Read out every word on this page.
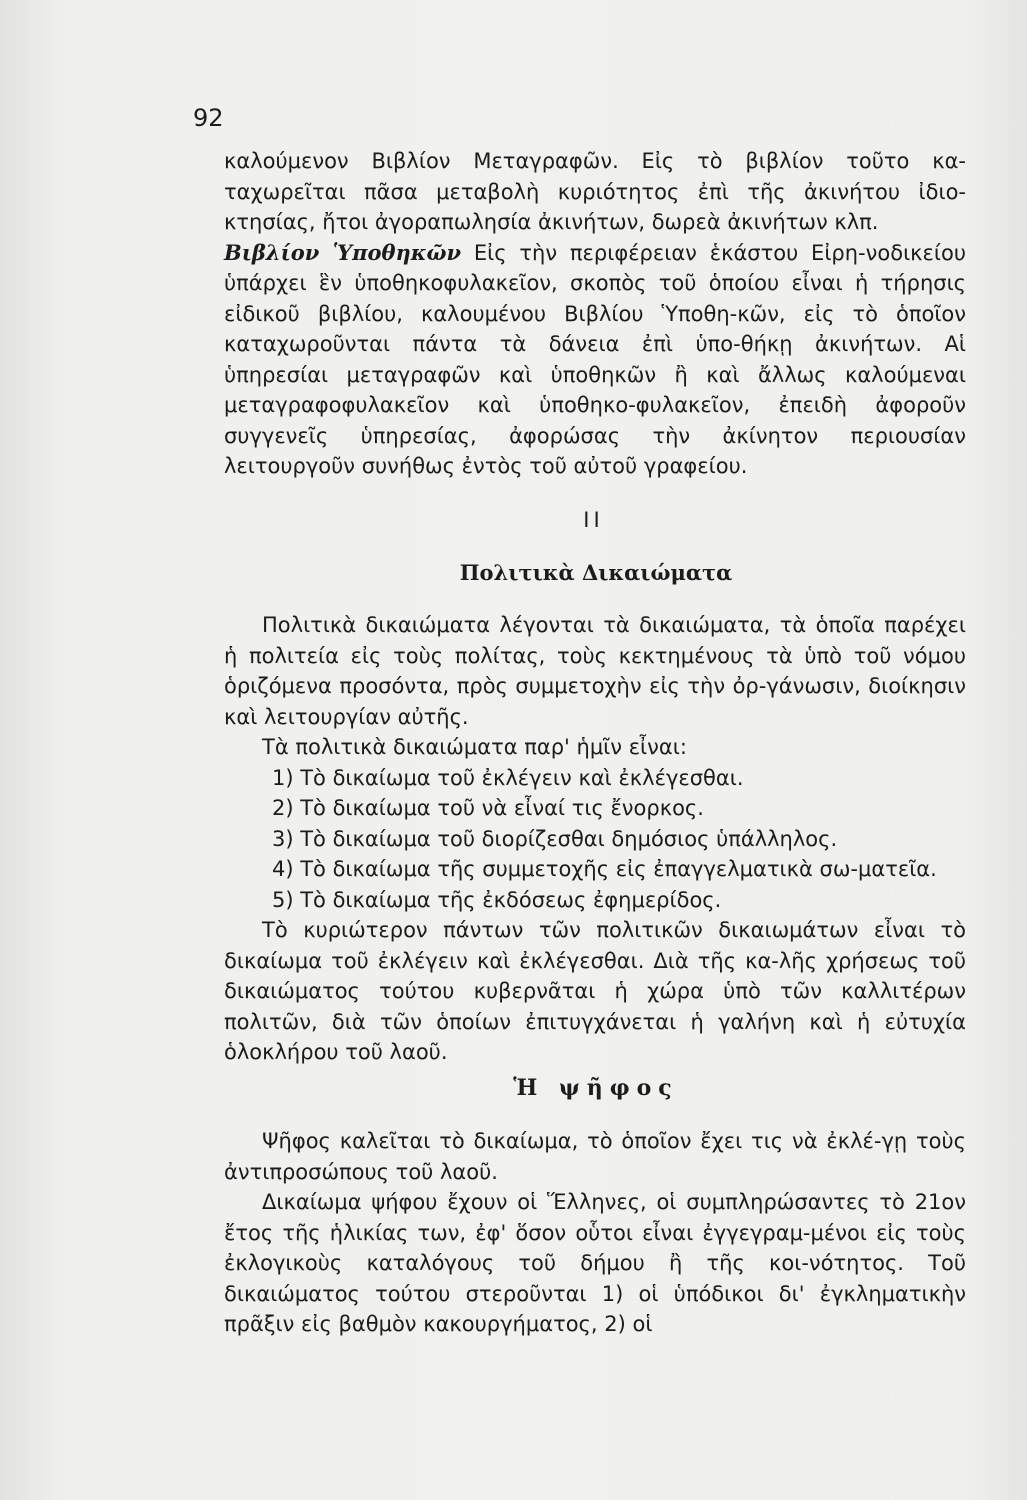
92

καλούμενον Βιβλίον Μεταγραφῶν. Εἰς τὸ βιβλίον τοῦτο κα-ταχωρεῖται πᾶσα μεταβολὴ κυριότητος ἐπὶ τῆς ἀκινήτου ἰδιο-κτησίας, ἤτοι ἀγοραπωλησία ἀκινήτων, δωρεὰ ἀκινήτων κλπ.

Βιβλίον Ὑποθηκῶν Εἰς τὴν περιφέρειαν ἑκάστου Εἰρη-νοδικείου ὑπάρχει ἓν ὑποθηκοφυλακεῖον, σκοπὸς τοῦ ὁποίου εἶναι ἡ τήρησις εἰδικοῦ βιβλίου, καλουμένου Βιβλίου Ὑποθη-κῶν, εἰς τὸ ὁποῖον καταχωροῦνται πάντα τὰ δάνεια ἐπὶ ὑπο-θήκῃ ἀκινήτων. Αἱ ὑπηρεσίαι μεταγραφῶν καὶ ὑποθηκῶν ἢ καὶ ἄλλως καλούμεναι μεταγραφοφυλακεῖον καὶ ὑποθηκο-φυλακεῖον, ἐπειδὴ ἀφοροῦν συγγενεῖς ὑπηρεσίας, ἀφορώσας τὴν ἀκίνητον περιουσίαν λειτουργοῦν συνήθως ἐντὸς τοῦ αὐτοῦ γραφείου.

II
Πολιτικὰ Δικαιώματα

Πολιτικὰ δικαιώματα λέγονται τὰ δικαιώματα, τὰ ὁποῖα παρέχει ἡ πολιτεία εἰς τοὺς πολίτας, τοὺς κεκτημένους τὰ ὑπὸ τοῦ νόμου ὁριζόμενα προσόντα, πρὸς συμμετοχὴν εἰς τὴν ὀρ-γάνωσιν, διοίκησιν καὶ λειτουργίαν αὐτῆς.

Τὰ πολιτικὰ δικαιώματα παρ' ἡμῖν εἶναι:

1) Τὸ δικαίωμα τοῦ ἐκλέγειν καὶ ἐκλέγεσθαι.

2) Τὸ δικαίωμα τοῦ νὰ εἶναί τις ἔνορκος.

3) Τὸ δικαίωμα τοῦ διορίζεσθαι δημόσιος ὑπάλληλος.

4) Τὸ δικαίωμα τῆς συμμετοχῆς εἰς ἐπαγγελματικὰ σω-ματεῖα.

5) Τὸ δικαίωμα τῆς ἐκδόσεως ἐφημερίδος.

Τὸ κυριώτερον πάντων τῶν πολιτικῶν δικαιωμάτων εἶναι τὸ δικαίωμα τοῦ ἐκλέγειν καὶ ἐκλέγεσθαι. Διὰ τῆς κα-λῆς χρήσεως τοῦ δικαιώματος τούτου κυβερνᾶται ἡ χώρα ὑπὸ τῶν καλλιτέρων πολιτῶν, διὰ τῶν ὁποίων ἐπιτυγχάνεται ἡ γαλήνη καὶ ἡ εὐτυχία ὁλοκλήρου τοῦ λαοῦ.

Ἡ ψῆφος

Ψῆφος καλεῖται τὸ δικαίωμα, τὸ ὁποῖον ἔχει τις νὰ ἐκλέ-γῃ τοὺς ἀντιπροσώπους τοῦ λαοῦ.

Δικαίωμα ψήφου ἔχουν οἱ Ἕλληνες, οἱ συμπληρώσαντες τὸ 21ον ἔτος τῆς ἡλικίας των, ἐφ' ὅσον οὗτοι εἶναι ἐγγεγραμ-μένοι εἰς τοὺς ἐκλογικοὺς καταλόγους τοῦ δήμου ἢ τῆς κοι-νότητος. Τοῦ δικαιώματος τούτου στεροῦνται 1) οἱ ὑπόδικοι δι' ἐγκληματικὴν πρᾶξιν εἰς βαθμὸν κακουργήματος, 2) οἱ
